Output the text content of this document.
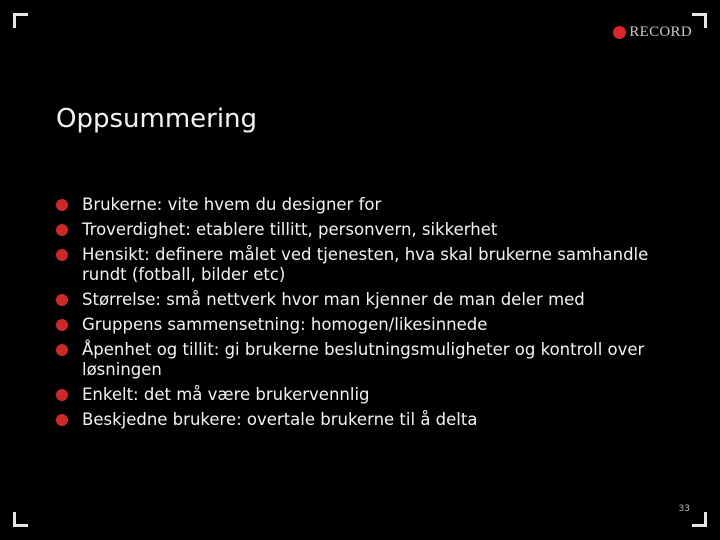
RECORD
Oppsummering
Brukerne: vite hvem du designer for
Troverdighet: etablere tillitt, personvern, sikkerhet
Hensikt: definere målet ved tjenesten, hva skal brukerne samhandle rundt (fotball, bilder etc)
Størrelse: små nettverk hvor man kjenner de man deler med
Gruppens sammensetning: homogen/likesinnede
Åpenhet og tillit: gi brukerne beslutningsmuligheter og kontroll over løsningen
Enkelt: det må være brukervennlig
Beskjedne brukere: overtale brukerne til å delta
33
